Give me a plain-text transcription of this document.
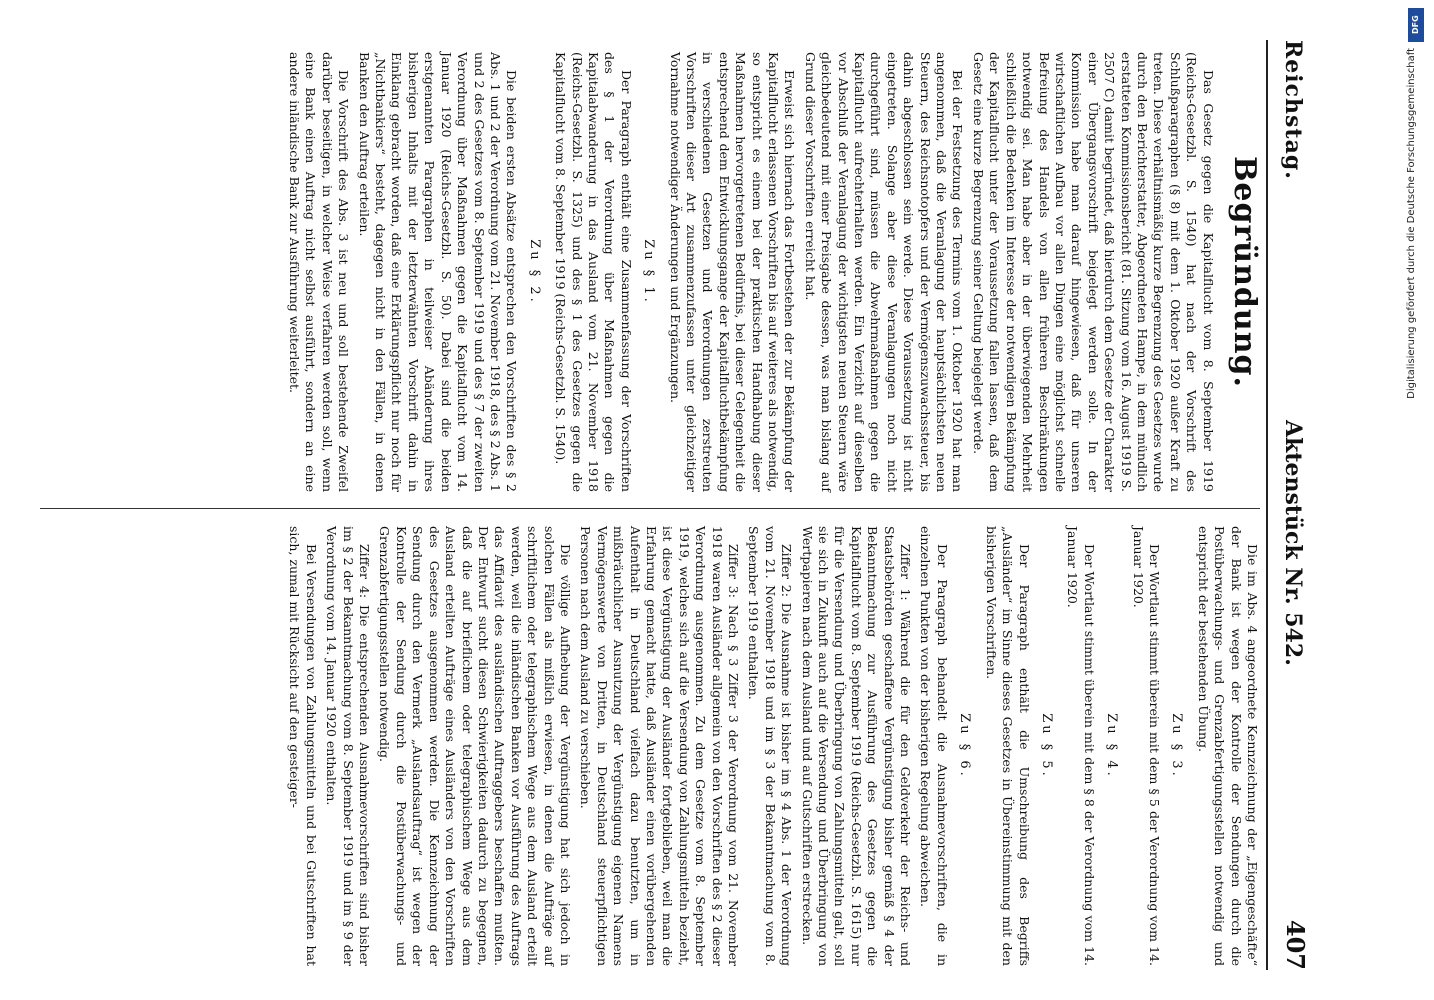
Reichstag.
Aktenstück Nr. 542.
407
Begründung.

Das Gesetz gegen die Kapitalflucht vom 8. September 1919 (Reichs-Gesetzbl. S. 1540) hat nach der Vorschrift des Schlußparagraphen (§ 8) mit dem 1. Oktober 1920 außer Kraft zu treten. Diese verhältnismäßig kurze Begrenzung des Gesetzes wurde durch den Berichterstatter, Abgeordneten Hampe, in dem mündlich erstatteten Kommissionsbericht (81. Sitzung vom 16. August 1919 S. 2507 C) damit begründet, daß hierdurch dem Gesetze der Charakter einer Übergangsvorschrift beigelegt werden solle. In der Kommission habe man darauf hingewiesen, daß für unseren wirtschaftlichen Aufbau vor allen Dingen eine möglichst schnelle Befreiung des Handels von allen früheren Beschränkungen notwendig sei. Man habe aber in der überwiegenden Mehrheit schließlich die Bedenken im Interesse der notwendigen Bekämpfung der Kapitalflucht unter der Voraussetzung fallen lassen, daß dem Gesetz eine kurze Begrenzung seiner Geltung beigelegt werde.

Bei der Festsetzung des Termins vom 1. Oktober 1920 hat man angenommen, daß die Veranlagung der hauptsächlichsten neuen Steuern, des Reichsnotopfers und der Vermögenszuwachssteuer, bis dahin abgeschlossen sein werde. Diese Voraussetzung ist nicht eingetreten. Solange aber diese Veranlagungen noch nicht durchgeführt sind, müssen die Abwehrmaßnahmen gegen die Kapitalflucht aufrechterhalten werden. Ein Verzicht auf dieselben vor Abschluß der Veranlagung der wichtigsten neuen Steuern wäre gleichbedeutend mit einer Preisgabe dessen, was man bislang auf Grund dieser Vorschriften erreicht hat.

Erweist sich hiernach das Fortbestehen der zur Bekämpfung der Kapitalflucht erlassenen Vorschriften bis auf weiteres als notwendig, so entspricht es einem bei der praktischen Handhabung dieser Maßnahmen hervorgetretenen Bedürfnis, bei dieser Gelegenheit die entsprechend dem Entwicklungsgange der Kapitalfluchtbekämpfung in verschiedenen Gesetzen und Verordnungen zerstreuten Vorschriften dieser Art zusammenzufassen unter gleichzeitiger Vornahme notwendiger Änderungen und Ergänzungen.

Zu § 1.

Der Paragraph enthält eine Zusammenfassung der Vorschriften des § 1 der Verordnung über Maßnahmen gegen die Kapitalabwanderung in das Ausland vom 21. November 1918 (Reichs-Gesetzbl. S. 1325) und des § 1 des Gesetzes gegen die Kapitalflucht vom 8. September 1919 (Reichs-Gesetzbl. S. 1540).

Zu § 2.

Die beiden ersten Absätze entsprechen den Vorschriften des § 2 Abs. 1 und 2 der Verordnung vom 21. November 1918, des § 2 Abs. 1 und 2 des Gesetzes vom 8. September 1919 und des § 7 der zweiten Verordnung über Maßnahmen gegen die Kapitalflucht vom 14. Januar 1920 (Reichs-Gesetzbl. S. 50). Dabei sind die beiden erstgenannten Paragraphen in teilweiser Abänderung ihres bisherigen Inhalts mit der letzterwähnten Vorschrift dahin in Einklang gebracht worden, daß eine Erklärungspflicht nur noch für „Nichtbankiers“ besteht, dagegen nicht in den Fällen, in denen Banken den Auftrag erteilen.

Die Vorschrift des Abs. 3 ist neu und soll bestehende Zweifel darüber beseitigen, in welcher Weise verfahren werden soll, wenn eine Bank einen Auftrag nicht selbst ausführt, sondern an eine andere inländische Bank zur Ausführung weiterleitet.

Die im Abs. 4 angeordnete Kennzeichnung der „Eigengeschäfte“ der Bank ist wegen der Kontrolle der Sendungen durch die Postüberwachungs- und Grenzabfertigungsstellen notwendig und entspricht der bestehenden Übung.

Zu § 3.

Der Wortlaut stimmt überein mit dem § 5 der Verordnung vom 14. Januar 1920.

Zu § 4.

Der Wortlaut stimmt überein mit dem § 8 der Verordnung vom 14. Januar 1920.

Zu § 5.

Der Paragraph enthält die Umschreibung des Begriffs „Ausländer“ im Sinne dieses Gesetzes in Übereinstimmung mit den bisherigen Vorschriften.

Zu § 6.

Der Paragraph behandelt die Ausnahmevorschriften, die in einzelnen Punkten von der bisherigen Regelung abweichen.

Ziffer 1: Während die für den Geldverkehr der Reichs- und Staatsbehörden geschaffene Vergünstigung bisher gemäß § 4 der Bekanntmachung zur Ausführung des Gesetzes gegen die Kapitalflucht vom 8. September 1919 (Reichs-Gesetzbl. S. 1615) nur für die Versendung und Überbringung von Zahlungsmitteln galt, soll sie sich in Zukunft auch auf die Versendung und Überbringung von Wertpapieren nach dem Ausland und auf Gutschriften erstrecken.

Ziffer 2: Die Ausnahme ist bisher im § 4 Abs. 1 der Verordnung vom 21. November 1918 und im § 3 der Bekanntmachung vom 8. September 1919 enthalten.

Ziffer 3: Nach § 3 Ziffer 3 der Verordnung vom 21. November 1918 waren Ausländer allgemein von den Vorschriften des § 2 dieser Verordnung ausgenommen. Zu dem Gesetze vom 8. September 1919, welches sich auf die Versendung von Zahlungsmitteln bezieht, ist diese Vergünstigung der Ausländer fortgeblieben, weil man die Erfahrung gemacht hatte, daß Ausländer einen vorübergehenden Aufenthalt in Deutschland vielfach dazu benutzten, um in mißbräuchlicher Ausnutzung der Vergünstigung eigenen Namens Vermögenswerte von Dritten, in Deutschland steuerpflichtigen Personen nach dem Ausland zu verschieben.

Die völlige Aufhebung der Vergünstigung hat sich jedoch in solchen Fällen als mißlich erwiesen, in denen die Aufträge auf schriftlichem oder telegraphischem Wege aus dem Ausland erteilt werden, weil die inländischen Banken vor Ausführung des Auftrags das Affidavit des ausländischen Auftraggebers beschaffen mußten. Der Entwurf sucht diesen Schwierigkeiten dadurch zu begegnen, daß die auf brieflichem oder telegraphischem Wege aus dem Ausland erteilten Aufträge eines Ausländers von den Vorschriften des Gesetzes ausgenommen werden. Die Kennzeichnung der Sendung durch den Vermerk „Auslandsauftrag“ ist wegen der Kontrolle der Sendung durch die Postüberwachungs- und Grenzabfertigungsstellen notwendig.

Ziffer 4: Die entsprechenden Ausnahmevorschriften sind bisher im § 2 der Bekanntmachung vom 8. September 1919 und im § 9 der Verordnung vom 14. Januar 1920 enthalten.

Bei Versendungen von Zahlungsmitteln und bei Gutschriften hat sich, zumal mit Rücksicht auf den gesteiger-

DFG
Digitalisierung gefördert durch die Deutsche Forschungsgemeinschaft
